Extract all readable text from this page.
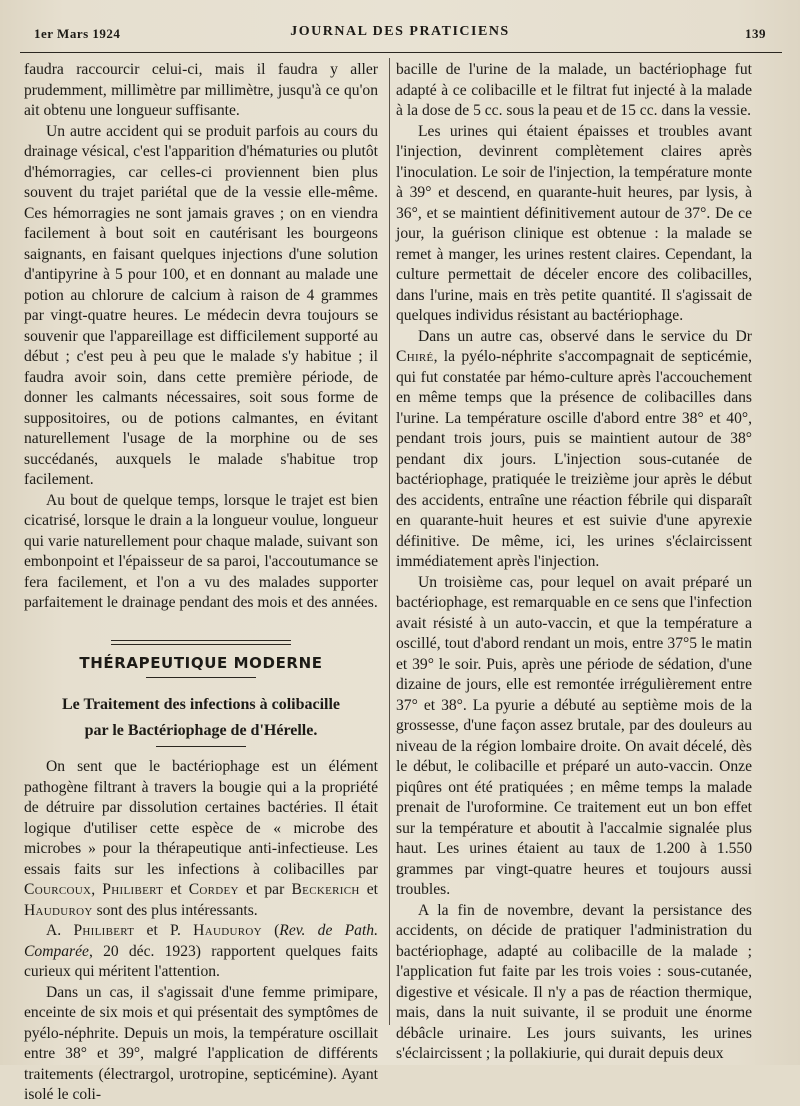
1er Mars 1924	JOURNAL DES PRATICIENS	139

faudra raccourcir celui-ci, mais il faudra y aller prudemment, millimètre par millimètre, jusqu'à ce qu'on ait obtenu une longueur suffisante.

Un autre accident qui se produit parfois au cours du drainage vésical, c'est l'apparition d'hématuries ou plutôt d'hémorragies, car celles-ci proviennent bien plus souvent du trajet pariétal que de la vessie elle-même. Ces hémorragies ne sont jamais graves ; on en viendra facilement à bout soit en cautérisant les bourgeons saignants, en faisant quelques injections d'une solution d'antipyrine à 5 pour 100, et en donnant au malade une potion au chlorure de calcium à raison de 4 grammes par vingt-quatre heures. Le médecin devra toujours se souvenir que l'appareillage est difficilement supporté au début ; c'est peu à peu que le malade s'y habitue ; il faudra avoir soin, dans cette première période, de donner les calmants nécessaires, soit sous forme de suppositoires, ou de potions calmantes, en évitant naturellement l'usage de la morphine ou de ses succédanés, auxquels le malade s'habitue trop facilement.

Au bout de quelque temps, lorsque le trajet est bien cicatrisé, lorsque le drain a la longueur voulue, longueur qui varie naturellement pour chaque malade, suivant son embonpoint et l'épaisseur de sa paroi, l'accoutumance se fera facilement, et l'on a vu des malades supporter parfaitement le drainage pendant des mois et des années.

THÉRAPEUTIQUE MODERNE
Le Traitement des infections à colibacille
par le Bactériophage de d'Hérelle.

On sent que le bactériophage est un élément pathogène filtrant à travers la bougie qui a la propriété de détruire par dissolution certaines bactéries. Il était logique d'utiliser cette espèce de « microbe des microbes » pour la thérapeutique anti-infectieuse. Les essais faits sur les infections à colibacilles par Courcoux, Philibert et Cordey et par Beckerich et Hauduroy sont des plus intéressants.

A. Philibert et P. Hauduroy (Rev. de Path. Comparée, 20 déc. 1923) rapportent quelques faits curieux qui méritent l'attention.

Dans un cas, il s'agissait d'une femme primipare, enceinte de six mois et qui présentait des symptômes de pyélo-néphrite. Depuis un mois, la température oscillait entre 38° et 39°, malgré l'application de différents traitements (électrargol, urotropine, septicémine). Ayant isolé le coli-

bacille de l'urine de la malade, un bactériophage fut adapté à ce colibacille et le filtrat fut injecté à la malade à la dose de 5 cc. sous la peau et de 15 cc. dans la vessie.

Les urines qui étaient épaisses et troubles avant l'injection, devinrent complètement claires après l'inoculation. Le soir de l'injection, la température monte à 39° et descend, en quarante-huit heures, par lysis, à 36°, et se maintient définitivement autour de 37°. De ce jour, la guérison clinique est obtenue : la malade se remet à manger, les urines restent claires. Cependant, la culture permettait de déceler encore des colibacilles, dans l'urine, mais en très petite quantité. Il s'agissait de quelques individus résistant au bactériophage.

Dans un autre cas, observé dans le service du Dr Chiré, la pyélo-néphrite s'accompagnait de septicémie, qui fut constatée par hémo-culture après l'accouchement en même temps que la présence de colibacilles dans l'urine. La température oscille d'abord entre 38° et 40°, pendant trois jours, puis se maintient autour de 38° pendant dix jours. L'injection sous-cutanée de bactériophage, pratiquée le treizième jour après le début des accidents, entraîne une réaction fébrile qui disparaît en quarante-huit heures et est suivie d'une apyrexie définitive. De même, ici, les urines s'éclaircissent immédiatement après l'injection.

Un troisième cas, pour lequel on avait préparé un bactériophage, est remarquable en ce sens que l'infection avait résisté à un auto-vaccin, et que la température a oscillé, tout d'abord rendant un mois, entre 37°5 le matin et 39° le soir. Puis, après une période de sédation, d'une dizaine de jours, elle est remontée irrégulièrement entre 37° et 38°. La pyurie a débuté au septième mois de la grossesse, d'une façon assez brutale, par des douleurs au niveau de la région lombaire droite. On avait décelé, dès le début, le colibacille et préparé un auto-vaccin. Onze piqûres ont été pratiquées ; en même temps la malade prenait de l'uroformine. Ce traitement eut un bon effet sur la température et aboutit à l'accalmie signalée plus haut. Les urines étaient au taux de 1.200 à 1.550 grammes par vingt-quatre heures et toujours aussi troubles.

A la fin de novembre, devant la persistance des accidents, on décide de pratiquer l'administration du bactériophage, adapté au colibacille de la malade ; l'application fut faite par les trois voies : sous-cutanée, digestive et vésicale. Il n'y a pas de réaction thermique, mais, dans la nuit suivante, il se produit une énorme débâcle urinaire. Les jours suivants, les urines s'éclaircissent ; la pollakiurie, qui durait depuis deux
